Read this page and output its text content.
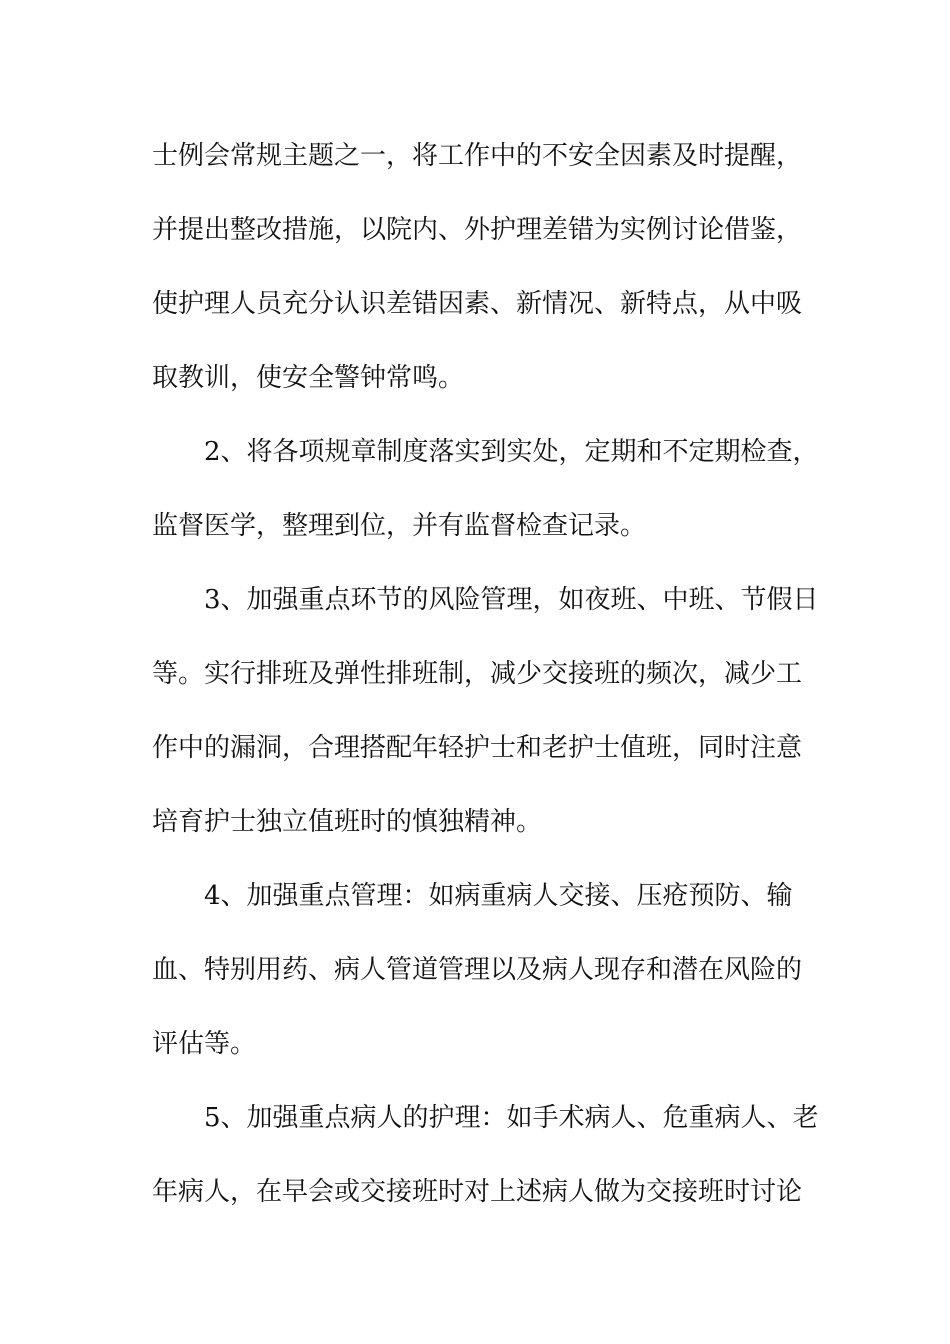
士例会常规主题之一，将工作中的不安全因素及时提醒，
并提出整改措施，以院内、外护理差错为实例讨论借鉴，
使护理人员充分认识差错因素、新情况、新特点，从中吸
取教训，使安全警钟常鸣。
2、将各项规章制度落实到实处，定期和不定期检查，
监督医学，整理到位，并有监督检查记录。
3、加强重点环节的风险管理，如夜班、中班、节假日
等。实行排班及弹性排班制，减少交接班的频次，减少工
作中的漏洞，合理搭配年轻护士和老护士值班，同时注意
培育护士独立值班时的慎独精神。
4、加强重点管理：如病重病人交接、压疮预防、输
血、特别用药、病人管道管理以及病人现存和潜在风险的
评估等。
5、加强重点病人的护理：如手术病人、危重病人、老
年病人，在早会或交接班时对上述病人做为交接班时讨论
